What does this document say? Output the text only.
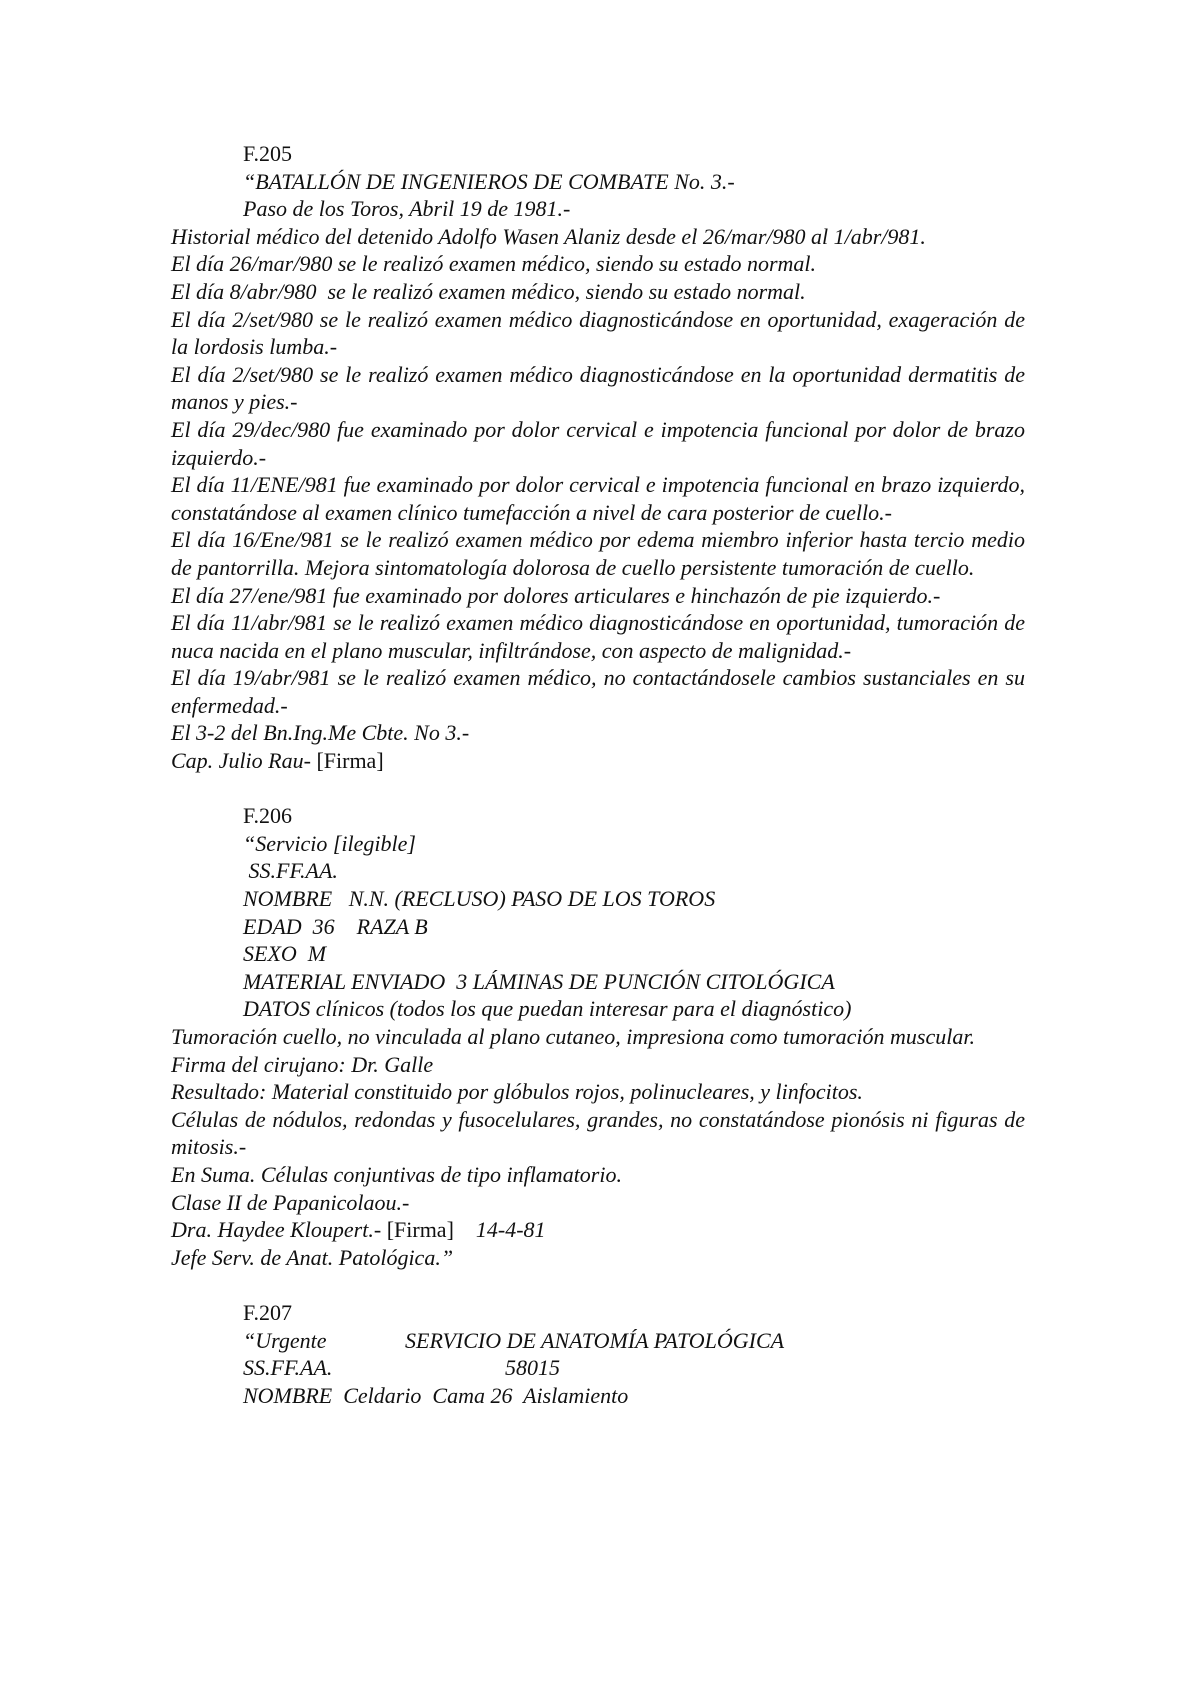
F.205
“BATALLÓN DE INGENIEROS DE COMBATE No. 3.-
Paso de los Toros, Abril 19 de 1981.-
Historial médico del detenido Adolfo Wasen Alaniz desde el 26/mar/980 al 1/abr/981.
El día 26/mar/980 se le realizó examen médico, siendo su estado normal.
El día 8/abr/980  se le realizó examen médico, siendo su estado normal.
El día 2/set/980 se le realizó examen médico diagnosticándose en oportunidad, exageración de la lordosis lumba.-
El día 2/set/980 se le realizó examen médico diagnosticándose en la oportunidad dermatitis de manos y pies.-
El día 29/dec/980 fue examinado por dolor cervical e impotencia funcional por dolor de brazo izquierdo.-
El día 11/ENE/981 fue examinado por dolor cervical e impotencia funcional en brazo izquierdo, constatándose al examen clínico tumefacción a nivel de cara posterior de cuello.-
El día 16/Ene/981 se le realizó examen médico por edema miembro inferior hasta tercio medio de pantorrilla. Mejora sintomatología dolorosa de cuello persistente tumoración de cuello.
El día 27/ene/981 fue examinado por dolores articulares e hinchazón de pie izquierdo.-
El día 11/abr/981 se le realizó examen médico diagnosticándose en oportunidad, tumoración de nuca nacida en el plano muscular, infiltrándose, con aspecto de malignidad.-
El día 19/abr/981 se le realizó examen médico, no contactándosele cambios sustanciales en su enfermedad.-
El 3-2 del Bn.Ing.Me Cbte. No 3.-
Cap. Julio Rau- [Firma]
F.206
“Servicio [ilegible]
SS.FF.AA.
NOMBRE   N.N. (RECLUSO) PASO DE LOS TOROS
EDAD  36    RAZA B
SEXO  M
MATERIAL ENVIADO  3 LÁMINAS DE PUNCIÓN CITOLÓGICA
DATOS clínicos (todos los que puedan interesar para el diagnóstico)
Tumoración cuello, no vinculada al plano cutaneo, impresiona como tumoración muscular.
Firma del cirujano: Dr. Galle
Resultado: Material constituido por glóbulos rojos, polinucleares, y linfocitos.
Células de nódulos, redondas y fusocelulares, grandes, no constatándose pionósis ni figuras de mitosis.-
En Suma. Células conjuntivas de tipo inflamatorio.
Clase II de Papanicolaou.-
Dra. Haydee Kloupert.- [Firma]    14-4-81
Jefe Serv. de Anat. Patológica.”
F.207
“Urgente	SERVICIO DE ANATOMÍA PATOLÓGICA
SS.FF.AA.	58015
NOMBRE  Celdario  Cama 26  Aislamiento
